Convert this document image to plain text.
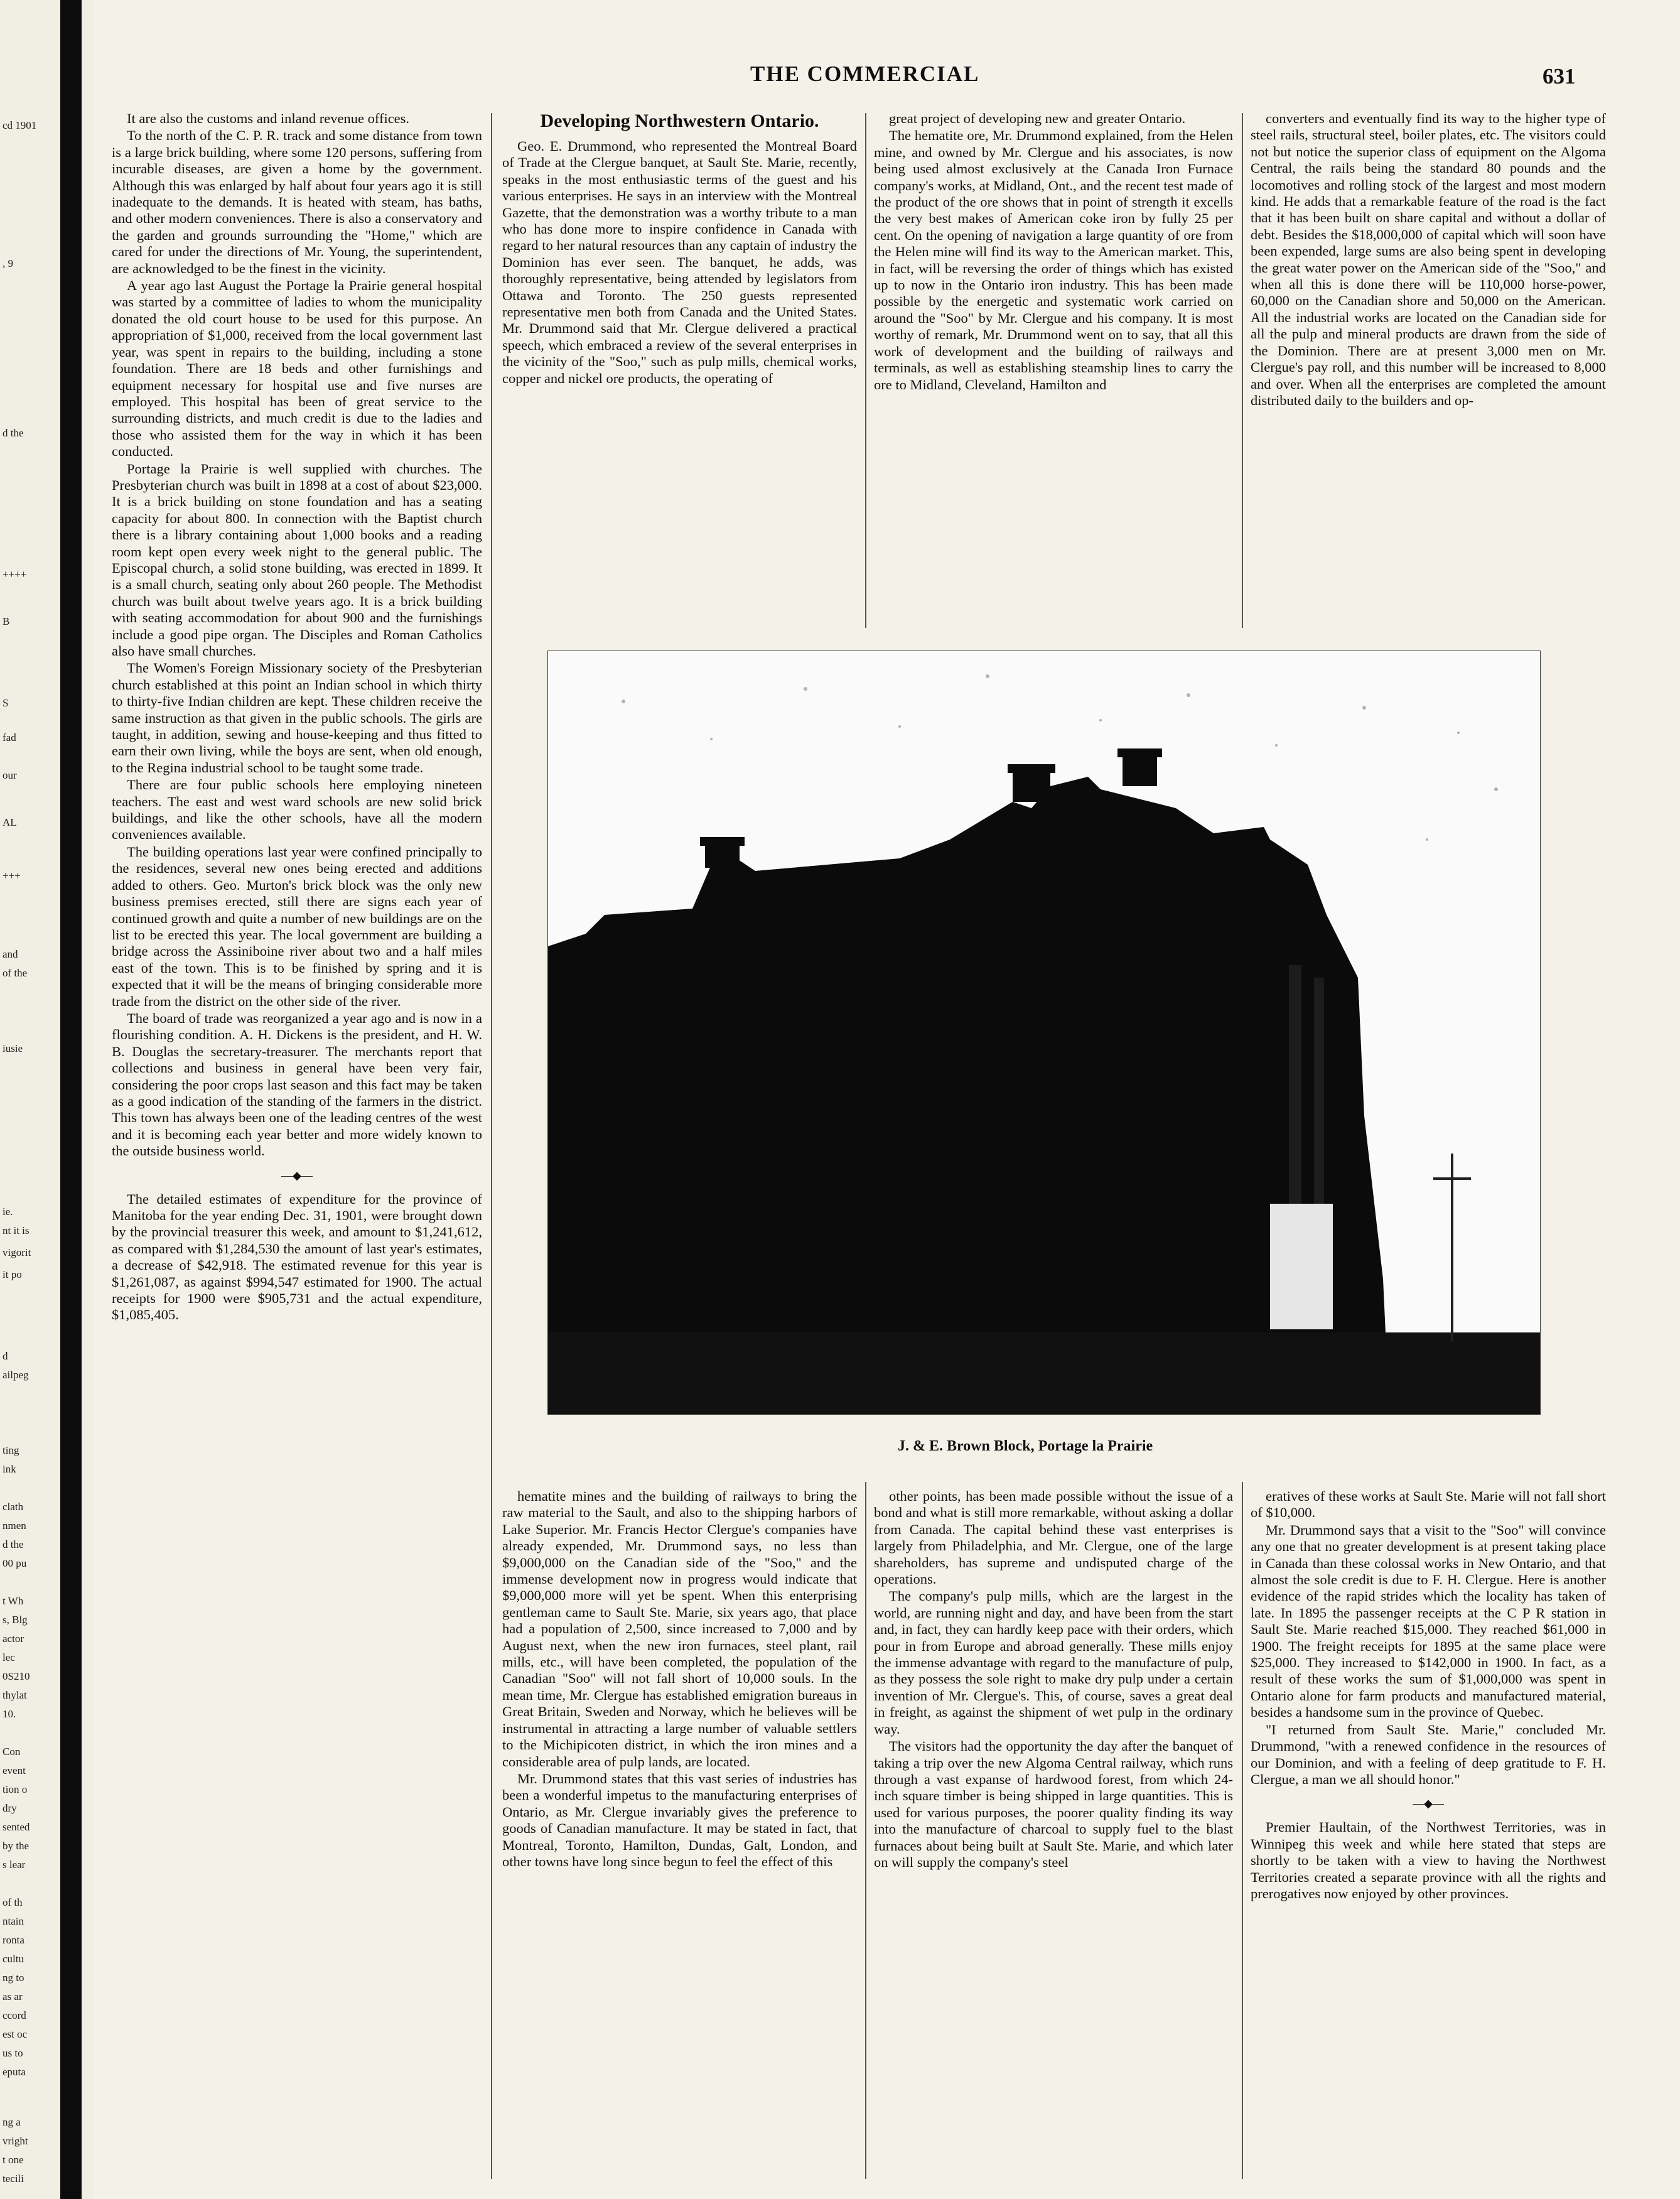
cd 1901
, 9
d the
++++
B
S
fad
our
AL
+++
and
of the
iusie
ie.
nt it is
vigorit
it po
d
ailpeg
ting
ink
clath
nmen
d the
00 pu
t Wh
s, Blg
actor
lec
0S210
thylat
10.
Con
event
tion o
dry
sented
by the
s lear
of th
ntain
ronta
cultu
ng to
as ar
ccord
est oc
us to
eputa
ng a
vright
t one
tecili
THE COMMERCIAL	631

It are also the customs and inland revenue offices.

To the north of the C. P. R. track and some distance from town is a large brick building, where some 120 persons, suffering from incurable diseases, are given a home by the government. Although this was enlarged by half about four years ago it is still inadequate to the demands. It is heated with steam, has baths, and other modern conveniences. There is also a conservatory and the garden and grounds surrounding the "Home," which are cared for under the directions of Mr. Young, the superintendent, are acknowledged to be the finest in the vicinity.

A year ago last August the Portage la Prairie general hospital was started by a committee of ladies to whom the municipality donated the old court house to be used for this purpose. An appropriation of $1,000, received from the local government last year, was spent in repairs to the building, including a stone foundation. There are 18 beds and other furnishings and equipment necessary for hospital use and five nurses are employed. This hospital has been of great service to the surrounding districts, and much credit is due to the ladies and those who assisted them for the way in which it has been conducted.

Portage la Prairie is well supplied with churches. The Presbyterian church was built in 1898 at a cost of about $23,000. It is a brick building on stone foundation and has a seating capacity for about 800. In connection with the Baptist church there is a library containing about 1,000 books and a reading room kept open every week night to the general public. The Episcopal church, a solid stone building, was erected in 1899. It is a small church, seating only about 260 people. The Methodist church was built about twelve years ago. It is a brick building with seating accommodation for about 900 and the furnishings include a good pipe organ. The Disciples and Roman Catholics also have small churches.

The Women's Foreign Missionary society of the Presbyterian church established at this point an Indian school in which thirty to thirty-five Indian children are kept. These children receive the same instruction as that given in the public schools. The girls are taught, in addition, sewing and house-keeping and thus fitted to earn their own living, while the boys are sent, when old enough, to the Regina industrial school to be taught some trade.

There are four public schools here employing nineteen teachers. The east and west ward schools are new solid brick buildings, and like the other schools, have all the modern conveniences available.

The building operations last year were confined principally to the residences, several new ones being erected and additions added to others. Geo. Murton's brick block was the only new business premises erected, still there are signs each year of continued growth and quite a number of new buildings are on the list to be erected this year. The local government are building a bridge across the Assiniboine river about two and a half miles east of the town. This is to be finished by spring and it is expected that it will be the means of bringing considerable more trade from the district on the other side of the river.

The board of trade was reorganized a year ago and is now in a flourishing condition. A. H. Dickens is the president, and H. W. B. Douglas the secretary-treasurer. The merchants report that collections and business in general have been very fair, considering the poor crops last season and this fact may be taken as a good indication of the standing of the farmers in the district. This town has always been one of the leading centres of the west and it is becoming each year better and more widely known to the outside business world.

—◆—

The detailed estimates of expenditure for the province of Manitoba for the year ending Dec. 31, 1901, were brought down by the provincial treasurer this week, and amount to $1,241,612, as compared with $1,284,530 the amount of last year's estimates, a decrease of $42,918. The estimated revenue for this year is $1,261,087, as against $994,547 estimated for 1900. The actual receipts for 1900 were $905,731 and the actual expenditure, $1,085,405.

Developing Northwestern Ontario.

Geo. E. Drummond, who represented the Montreal Board of Trade at the Clergue banquet, at Sault Ste. Marie, recently, speaks in the most enthusiastic terms of the guest and his various enterprises. He says in an interview with the Montreal Gazette, that the demonstration was a worthy tribute to a man who has done more to inspire confidence in Canada with regard to her natural resources than any captain of industry the Dominion has ever seen. The banquet, he adds, was thoroughly representative, being attended by legislators from Ottawa and Toronto. The 250 guests represented representative men both from Canada and the United States. Mr. Drummond said that Mr. Clergue delivered a practical speech, which embraced a review of the several enterprises in the vicinity of the "Soo," such as pulp mills, chemical works, copper and nickel ore products, the operating of

great project of developing new and greater Ontario.

The hematite ore, Mr. Drummond explained, from the Helen mine, and owned by Mr. Clergue and his associates, is now being used almost exclusively at the Canada Iron Furnace company's works, at Midland, Ont., and the recent test made of the product of the ore shows that in point of strength it excells the very best makes of American coke iron by fully 25 per cent. On the opening of navigation a large quantity of ore from the Helen mine will find its way to the American market. This, in fact, will be reversing the order of things which has existed up to now in the Ontario iron industry. This has been made possible by the energetic and systematic work carried on around the "Soo" by Mr. Clergue and his company. It is most worthy of remark, Mr. Drummond went on to say, that all this work of development and the building of railways and terminals, as well as establishing steamship lines to carry the ore to Midland, Cleveland, Hamilton and

converters and eventually find its way to the higher type of steel rails, structural steel, boiler plates, etc. The visitors could not but notice the superior class of equipment on the Algoma Central, the rails being the standard 80 pounds and the locomotives and rolling stock of the largest and most modern kind. He adds that a remarkable feature of the road is the fact that it has been built on share capital and without a dollar of debt. Besides the $18,000,000 of capital which will soon have been expended, large sums are also being spent in developing the great water power on the American side of the "Soo," and when all this is done there will be 110,000 horse-power, 60,000 on the Canadian shore and 50,000 on the American. All the industrial works are located on the Canadian side for all the pulp and mineral products are drawn from the side of the Dominion. There are at present 3,000 men on Mr. Clergue's pay roll, and this number will be increased to 8,000 and over. When all the enterprises are completed the amount distributed daily to the builders and op-

J. & E. Brown Block, Portage la Prairie

hematite mines and the building of railways to bring the raw material to the Sault, and also to the shipping harbors of Lake Superior. Mr. Francis Hector Clergue's companies have already expended, Mr. Drummond says, no less than $9,000,000 on the Canadian side of the "Soo," and the immense development now in progress would indicate that $9,000,000 more will yet be spent. When this enterprising gentleman came to Sault Ste. Marie, six years ago, that place had a population of 2,500, since increased to 7,000 and by August next, when the new iron furnaces, steel plant, rail mills, etc., will have been completed, the population of the Canadian "Soo" will not fall short of 10,000 souls. In the mean time, Mr. Clergue has established emigration bureaus in Great Britain, Sweden and Norway, which he believes will be instrumental in attracting a large number of valuable settlers to the Michipicoten district, in which the iron mines and a considerable area of pulp lands, are located.

Mr. Drummond states that this vast series of industries has been a wonderful impetus to the manufacturing enterprises of Ontario, as Mr. Clergue invariably gives the preference to goods of Canadian manufacture. It may be stated in fact, that Montreal, Toronto, Hamilton, Dundas, Galt, London, and other towns have long since begun to feel the effect of this

other points, has been made possible without the issue of a bond and what is still more remarkable, without asking a dollar from Canada. The capital behind these vast enterprises is largely from Philadelphia, and Mr. Clergue, one of the large shareholders, has supreme and undisputed charge of the operations.

The company's pulp mills, which are the largest in the world, are running night and day, and have been from the start and, in fact, they can hardly keep pace with their orders, which pour in from Europe and abroad generally. These mills enjoy the immense advantage with regard to the manufacture of pulp, as they possess the sole right to make dry pulp under a certain invention of Mr. Clergue's. This, of course, saves a great deal in freight, as against the shipment of wet pulp in the ordinary way.

The visitors had the opportunity the day after the banquet of taking a trip over the new Algoma Central railway, which runs through a vast expanse of hardwood forest, from which 24-inch square timber is being shipped in large quantities. This is used for various purposes, the poorer quality finding its way into the manufacture of charcoal to supply fuel to the blast furnaces about being built at Sault Ste. Marie, and which later on will supply the company's steel

eratives of these works at Sault Ste. Marie will not fall short of $10,000.

Mr. Drummond says that a visit to the "Soo" will convince any one that no greater development is at present taking place in Canada than these colossal works in New Ontario, and that almost the sole credit is due to F. H. Clergue. Here is another evidence of the rapid strides which the locality has taken of late. In 1895 the passenger receipts at the C P R station in Sault Ste. Marie reached $15,000. They reached $61,000 in 1900. The freight receipts for 1895 at the same place were $25,000. They increased to $142,000 in 1900. In fact, as a result of these works the sum of $1,000,000 was spent in Ontario alone for farm products and manufactured material, besides a handsome sum in the province of Quebec.

"I returned from Sault Ste. Marie," concluded Mr. Drummond, "with a renewed confidence in the resources of our Dominion, and with a feeling of deep gratitude to F. H. Clergue, a man we all should honor."

—◆—

Premier Haultain, of the Northwest Territories, was in Winnipeg this week and while here stated that steps are shortly to be taken with a view to having the Northwest Territories created a separate province with all the rights and prerogatives now enjoyed by other provinces.
